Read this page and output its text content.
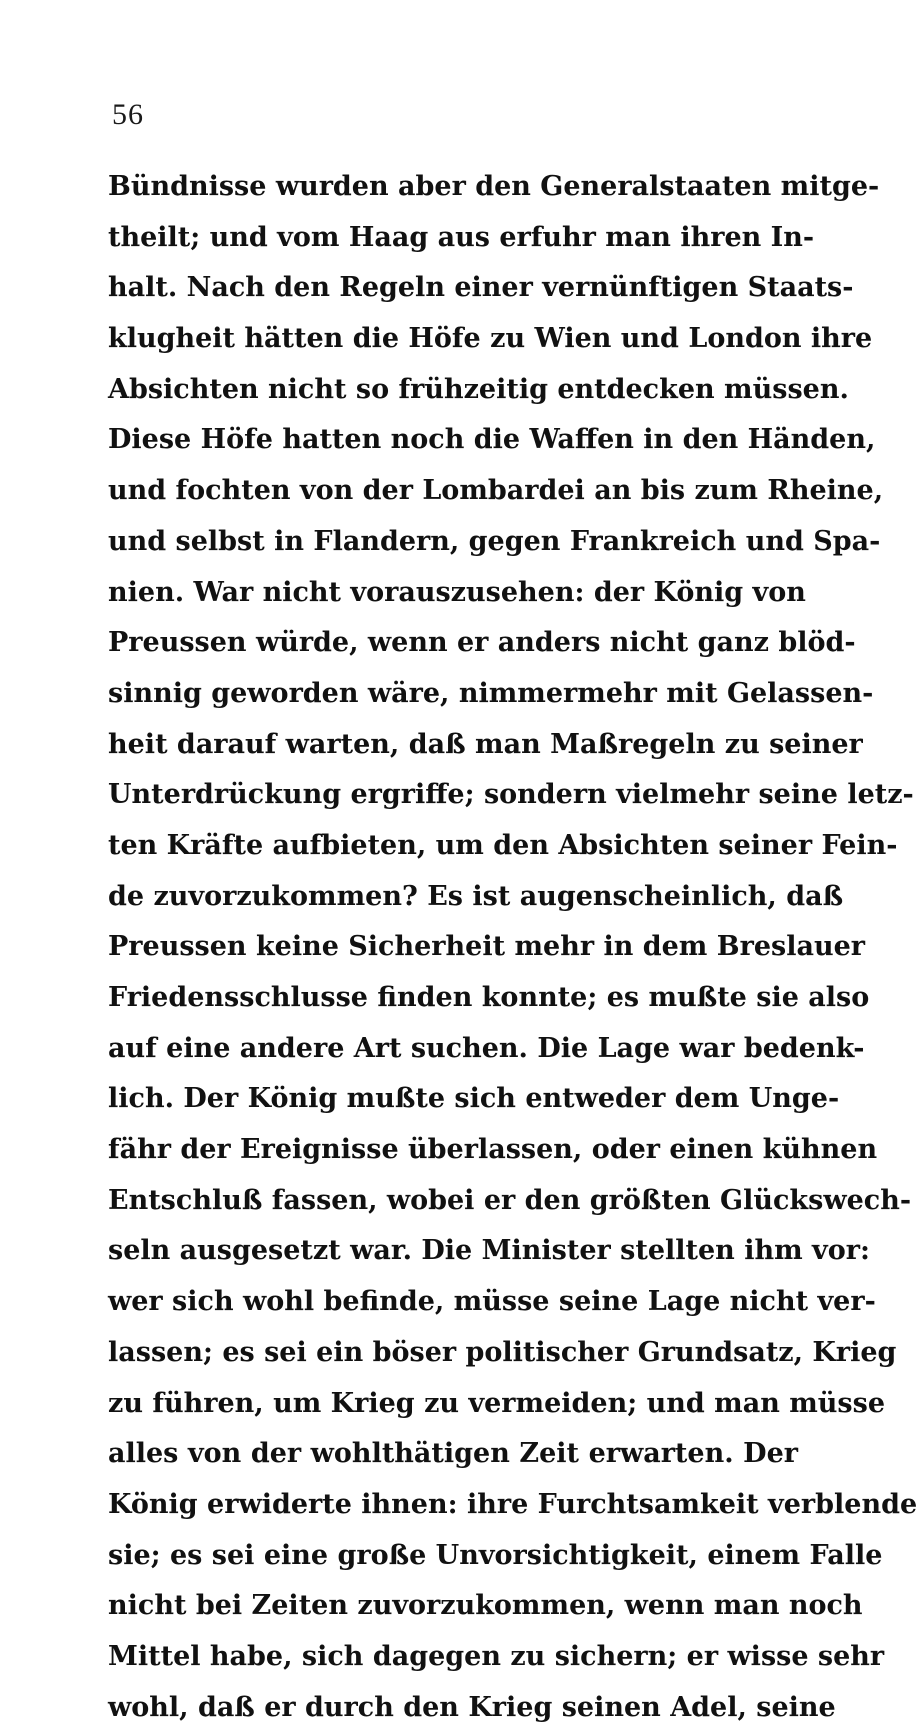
56
Bündnisse wurden aber den Generalstaaten mitge-
theilt; und vom Haag aus erfuhr man ihren In-
halt. Nach den Regeln einer vernünftigen Staats-
klugheit hätten die Höfe zu Wien und London ihre
Absichten nicht so frühzeitig entdecken müssen.
Diese Höfe hatten noch die Waffen in den Händen,
und fochten von der Lombardei an bis zum Rheine,
und selbst in Flandern, gegen Frankreich und Spa-
nien. War nicht vorauszusehen: der König von
Preussen würde, wenn er anders nicht ganz blöd-
sinnig geworden wäre, nimmermehr mit Gelassen-
heit darauf warten, daß man Maßregeln zu seiner
Unterdrückung ergriffe; sondern vielmehr seine letz-
ten Kräfte aufbieten, um den Absichten seiner Fein-
de zuvorzukommen? Es ist augenscheinlich, daß
Preussen keine Sicherheit mehr in dem Breslauer
Friedensschlusse finden konnte; es mußte sie also
auf eine andere Art suchen. Die Lage war bedenk-
lich. Der König mußte sich entweder dem Unge-
fähr der Ereignisse überlassen, oder einen kühnen
Entschluß fassen, wobei er den größten Glückswech-
seln ausgesetzt war. Die Minister stellten ihm vor:
wer sich wohl befinde, müsse seine Lage nicht ver-
lassen; es sei ein böser politischer Grundsatz, Krieg
zu führen, um Krieg zu vermeiden; und man müsse
alles von der wohlthätigen Zeit erwarten. Der
König erwiderte ihnen: ihre Furchtsamkeit verblende
sie; es sei eine große Unvorsichtigkeit, einem Falle
nicht bei Zeiten zuvorzukommen, wenn man noch
Mittel habe, sich dagegen zu sichern; er wisse sehr
wohl, daß er durch den Krieg seinen Adel, seine
